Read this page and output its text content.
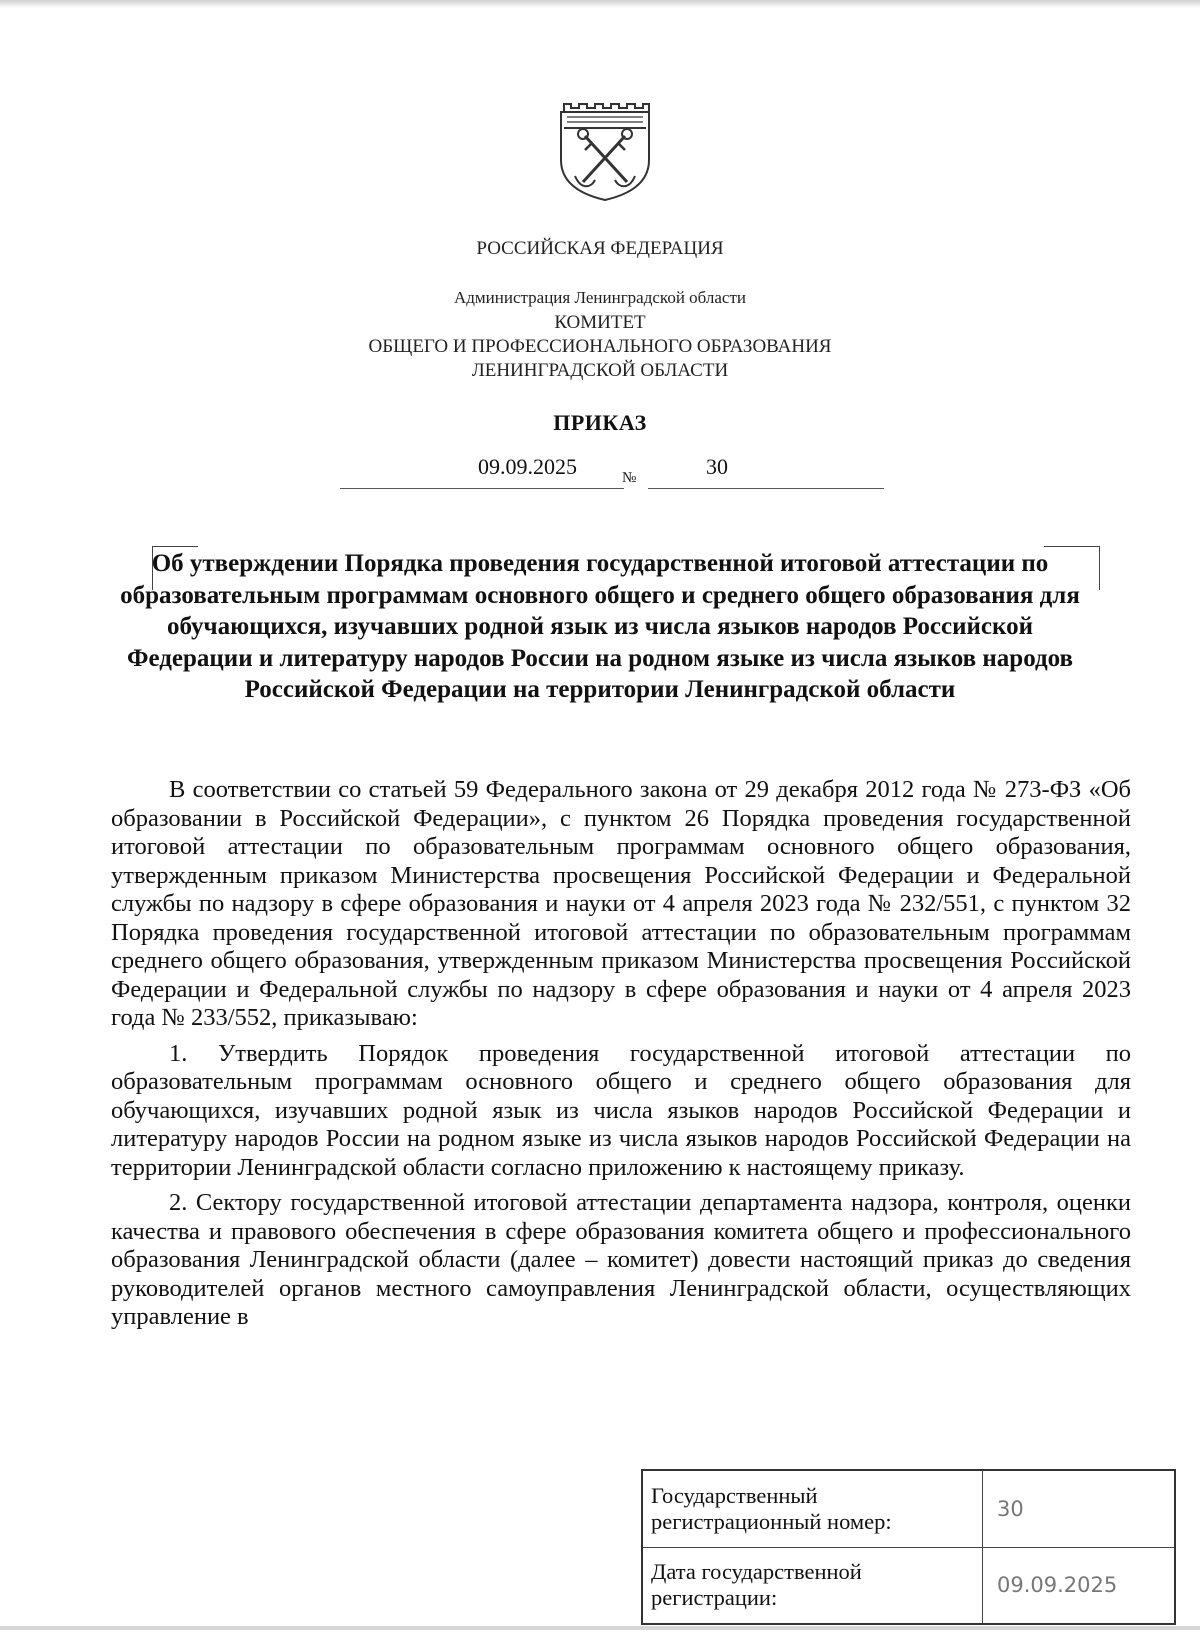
РОССИЙСКАЯ ФЕДЕРАЦИЯ
Администрация Ленинградской области
КОМИТЕТ
ОБЩЕГО И ПРОФЕССИОНАЛЬНОГО ОБРАЗОВАНИЯ
ЛЕНИНГРАДСКОЙ ОБЛАСТИ
ПРИКАЗ
09.09.2025	№	30
Об утверждении Порядка проведения государственной итоговой аттестации по образовательным программам основного общего и среднего общего образования для обучающихся, изучавших родной язык из числа языков народов Российской Федерации и литературу народов России на родном языке из числа языков народов Российской Федерации на территории Ленинградской области

В соответствии со статьей 59 Федерального закона от 29 декабря 2012 года № 273-ФЗ «Об образовании в Российской Федерации», с пунктом 26 Порядка проведения государственной итоговой аттестации по образовательным программам основного общего образования, утвержденным приказом Министерства просвещения Российской Федерации и Федеральной службы по надзору в сфере образования и науки от 4 апреля 2023 года № 232/551, с пунктом 32 Порядка проведения государственной итоговой аттестации по образовательным программам среднего общего образования, утвержденным приказом Министерства просвещения Российской Федерации и Федеральной службы по надзору в сфере образования и науки от 4 апреля 2023 года № 233/552, приказываю:

1. Утвердить Порядок проведения государственной итоговой аттестации по образовательным программам основного общего и среднего общего образования для обучающихся, изучавших родной язык из числа языков народов Российской Федерации и литературу народов России на родном языке из числа языков народов Российской Федерации на территории Ленинградской области согласно приложению к настоящему приказу.

2. Сектору государственной итоговой аттестации департамента надзора, контроля, оценки качества и правового обеспечения в сфере образования комитета общего и профессионального образования Ленинградской области (далее – комитет) довести настоящий приказ до сведения руководителей органов местного самоуправления Ленинградской области, осуществляющих управление в

Государственный регистрационный номер:	30
Дата государственной регистрации:	09.09.2025
